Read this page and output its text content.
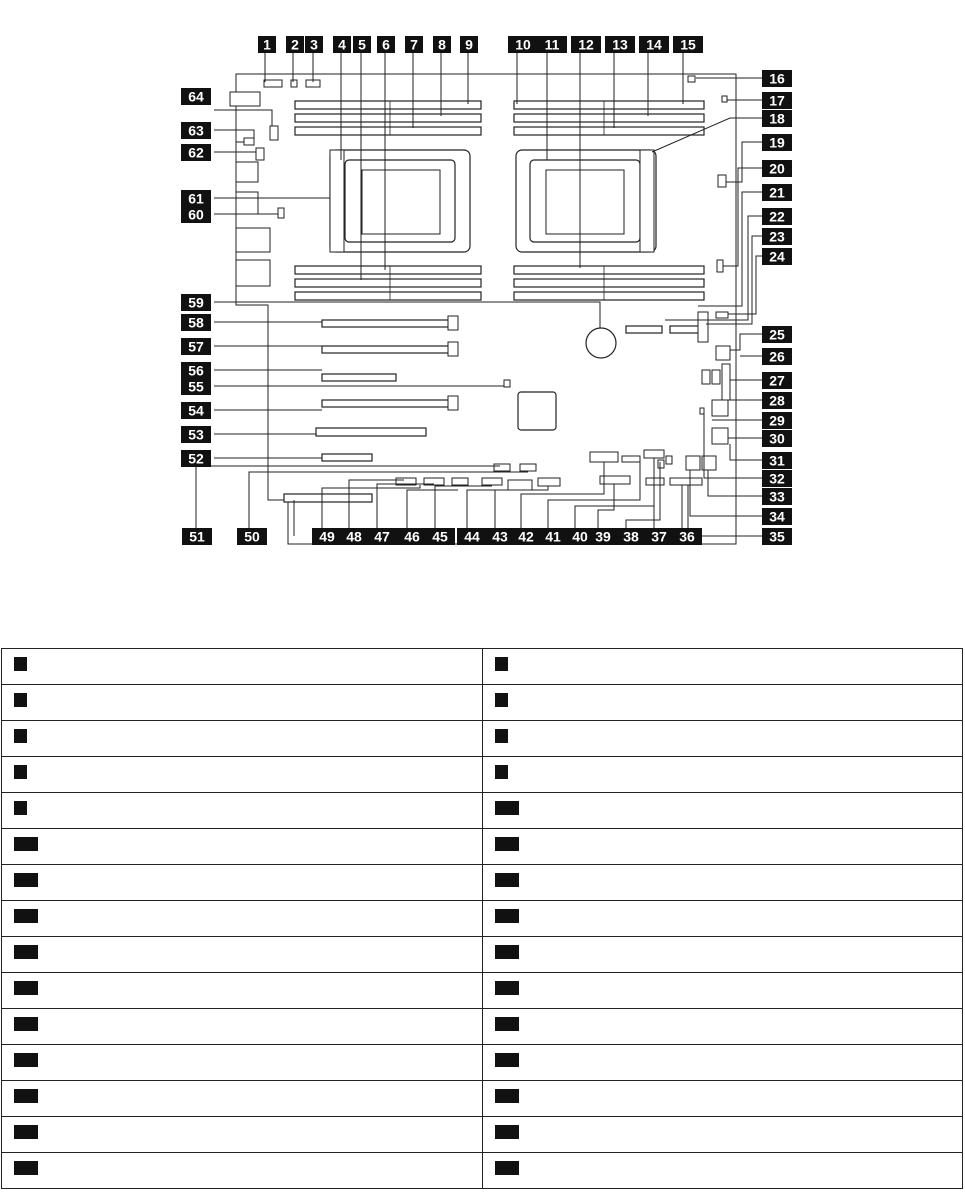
1 2 3 4 5 6 7 8 9	10 11 12 13 14 15
16
17
18
19
20
21
22
23
24
25
26
27
28
29
30
31
32
33
34
35
36
37
38
39
40
41
42
43
44
45
46
47
48
49
50
51
52
53
54
55
56
57
58
59
60
61
62
63
64
